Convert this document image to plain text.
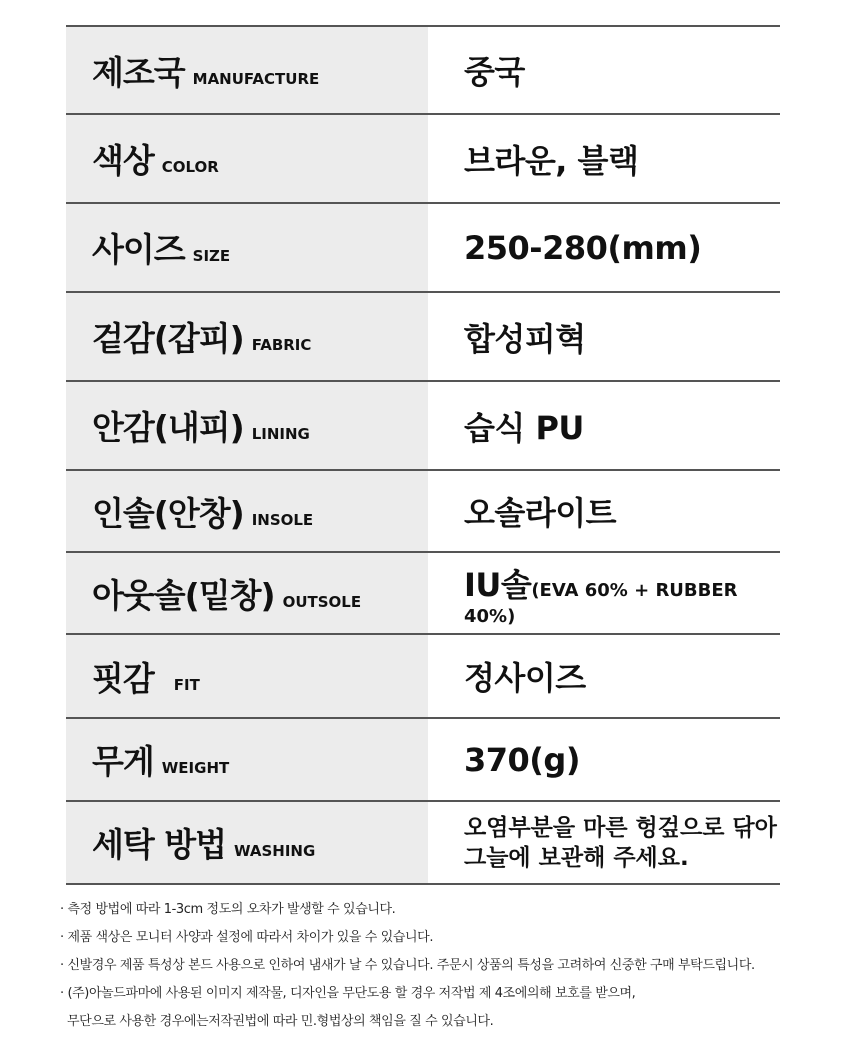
제조국 MANUFACTURE	중국
색상 COLOR	브라운, 블랙
사이즈 SIZE	250-280(mm)
겉감(갑피) FABRIC	합성피혁
안감(내피) LINING	습식 PU
인솔(안창) INSOLE	오솔라이트
아웃솔(밑창) OUTSOLE	IU솔(EVA 60% + RUBBER 40%)
핏감 FIT	정사이즈
무게 WEIGHT	370(g)
세탁 방법 WASHING	오염부분을 마른 헝겊으로 닦아
그늘에 보관해 주세요.
· 측정 방법에 따라 1-3cm 정도의 오차가 발생할 수 있습니다.
· 제품 색상은 모니터 사양과 설정에 따라서 차이가 있을 수 있습니다.
· 신발경우 제품 특성상 본드 사용으로 인하여 냄새가 날 수 있습니다. 주문시 상품의 특성을 고려하여 신중한 구매 부탁드립니다.
· (주)아놀드파마에 사용된 이미지 제작물, 디자인을 무단도용 할 경우 저작법 제 4조에의해 보호를 받으며,
무단으로 사용한 경우에는저작권법에 따라 민.형법상의 책임을 질 수 있습니다.
